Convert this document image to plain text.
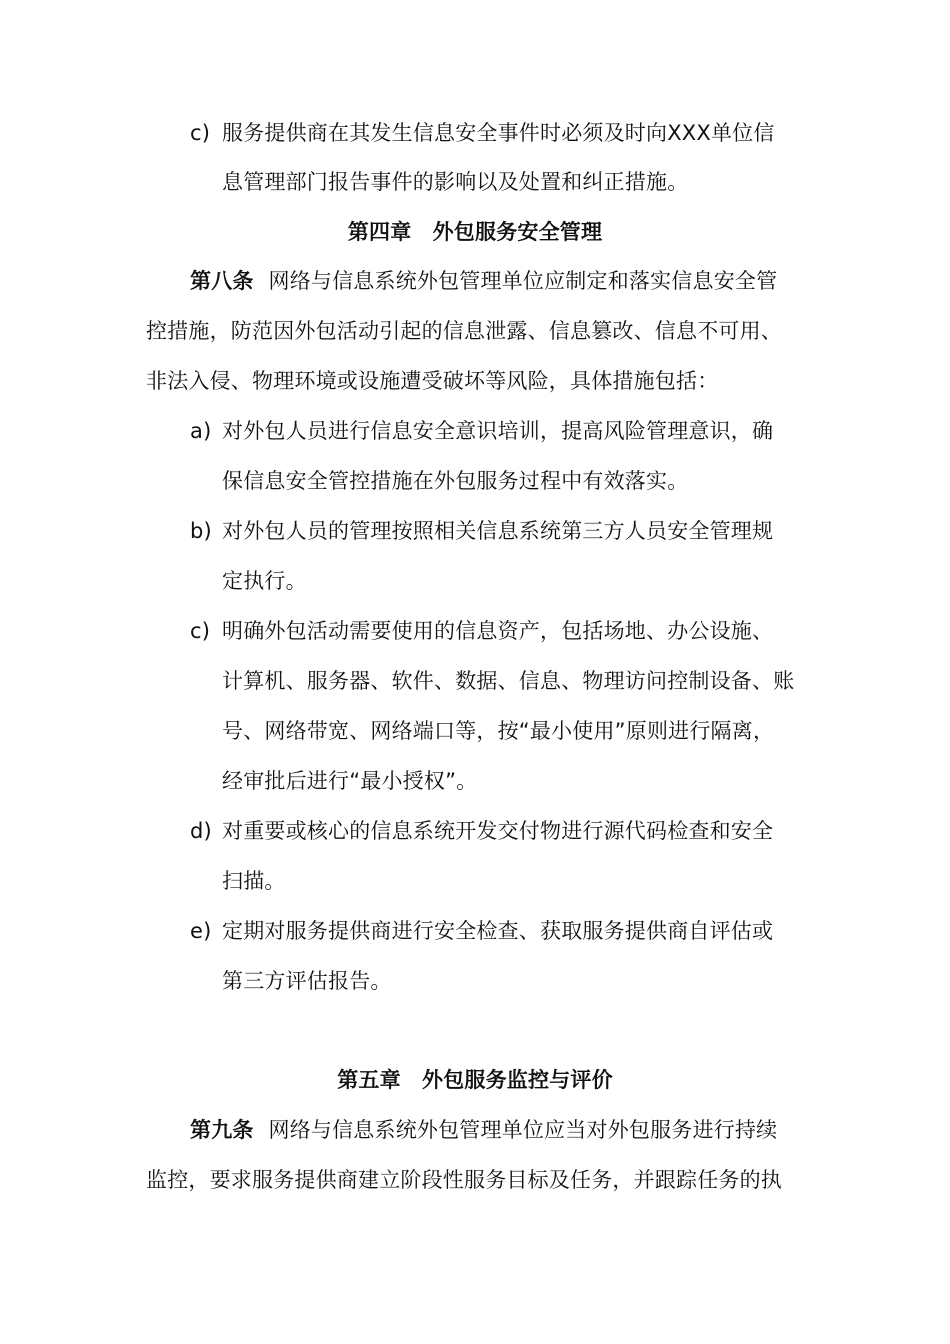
c) 服务提供商在其发生信息安全事件时必须及时向XXX单位信

息管理部门报告事件的影响以及处置和纠正措施。

第四章　外包服务安全管理

第八条 网络与信息系统外包管理单位应制定和落实信息安全管

控措施，防范因外包活动引起的信息泄露、信息篡改、信息不可用、

非法入侵、物理环境或设施遭受破坏等风险，具体措施包括：

a) 对外包人员进行信息安全意识培训，提高风险管理意识，确

保信息安全管控措施在外包服务过程中有效落实。

b) 对外包人员的管理按照相关信息系统第三方人员安全管理规

定执行。

c) 明确外包活动需要使用的信息资产，包括场地、办公设施、

计算机、服务器、软件、数据、信息、物理访问控制设备、账

号、网络带宽、网络端口等，按“最小使用”原则进行隔离，

经审批后进行“最小授权”。

d) 对重要或核心的信息系统开发交付物进行源代码检查和安全

扫描。

e) 定期对服务提供商进行安全检查、获取服务提供商自评估或

第三方评估报告。

第五章　外包服务监控与评价

第九条 网络与信息系统外包管理单位应当对外包服务进行持续

监控，要求服务提供商建立阶段性服务目标及任务，并跟踪任务的执
